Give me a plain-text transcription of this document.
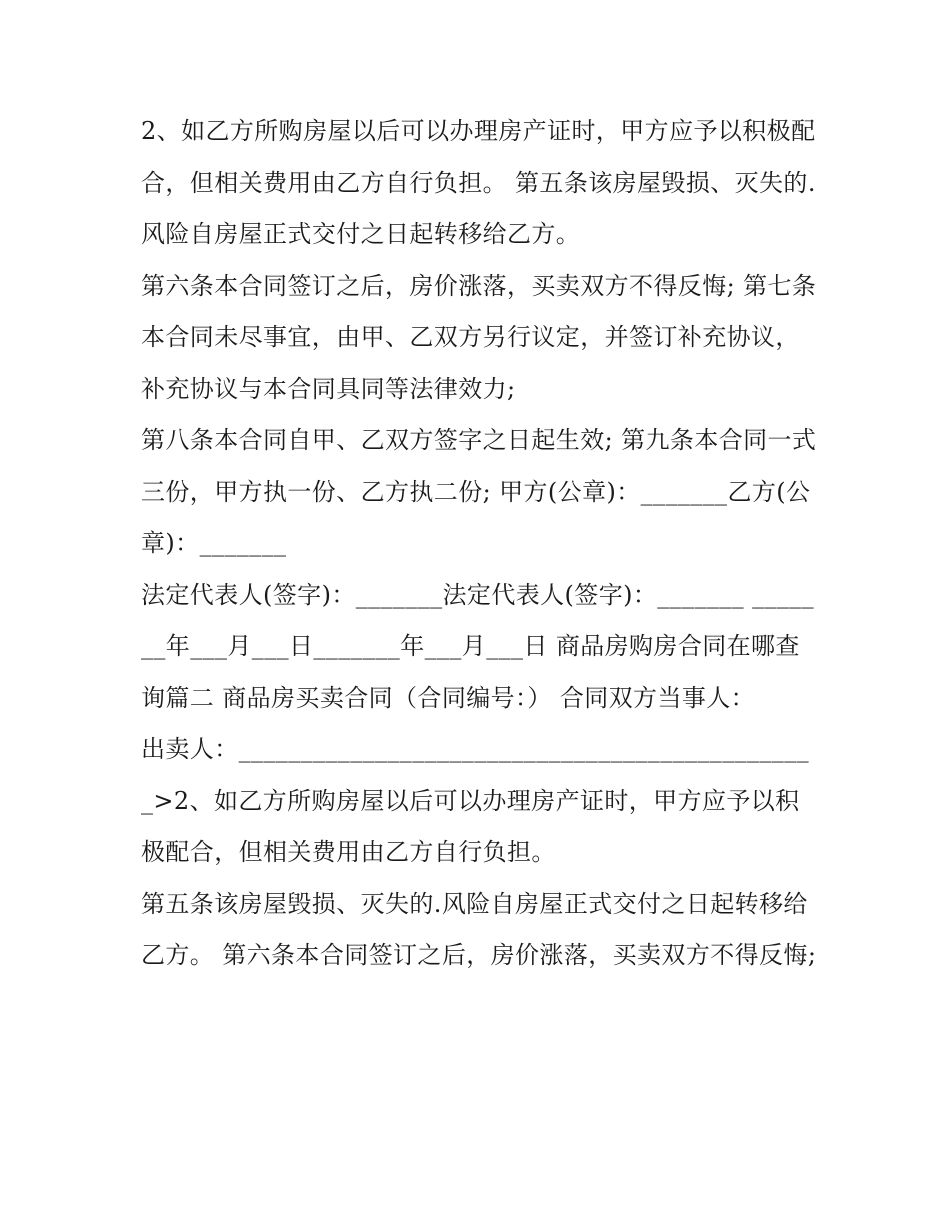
2、如乙方所购房屋以后可以办理房产证时，甲方应予以积极配合，但相关费用由乙方自行负担。 第五条该房屋毁损、灭失的.风险自房屋正式交付之日起转移给乙方。

第六条本合同签订之后，房价涨落，买卖双方不得反悔; 第七条本合同未尽事宜，由甲、乙双方另行议定，并签订补充协议，补充协议与本合同具同等法律效力;

第八条本合同自甲、乙双方签字之日起生效; 第九条本合同一式三份，甲方执一份、乙方执二份; 甲方(公章)：_______乙方(公章)：_______

法定代表人(签字)：_______法定代表人(签字)：_______ _______年___月___日_______年___月___日 商品房购房合同在哪查询篇二 商品房买卖合同（合同编号：） 合同双方当事人：

出卖人：_______________________________________________>2、如乙方所购房屋以后可以办理房产证时，甲方应予以积极配合，但相关费用由乙方自行负担。

第五条该房屋毁损、灭失的.风险自房屋正式交付之日起转移给乙方。 第六条本合同签订之后，房价涨落，买卖双方不得反悔;
